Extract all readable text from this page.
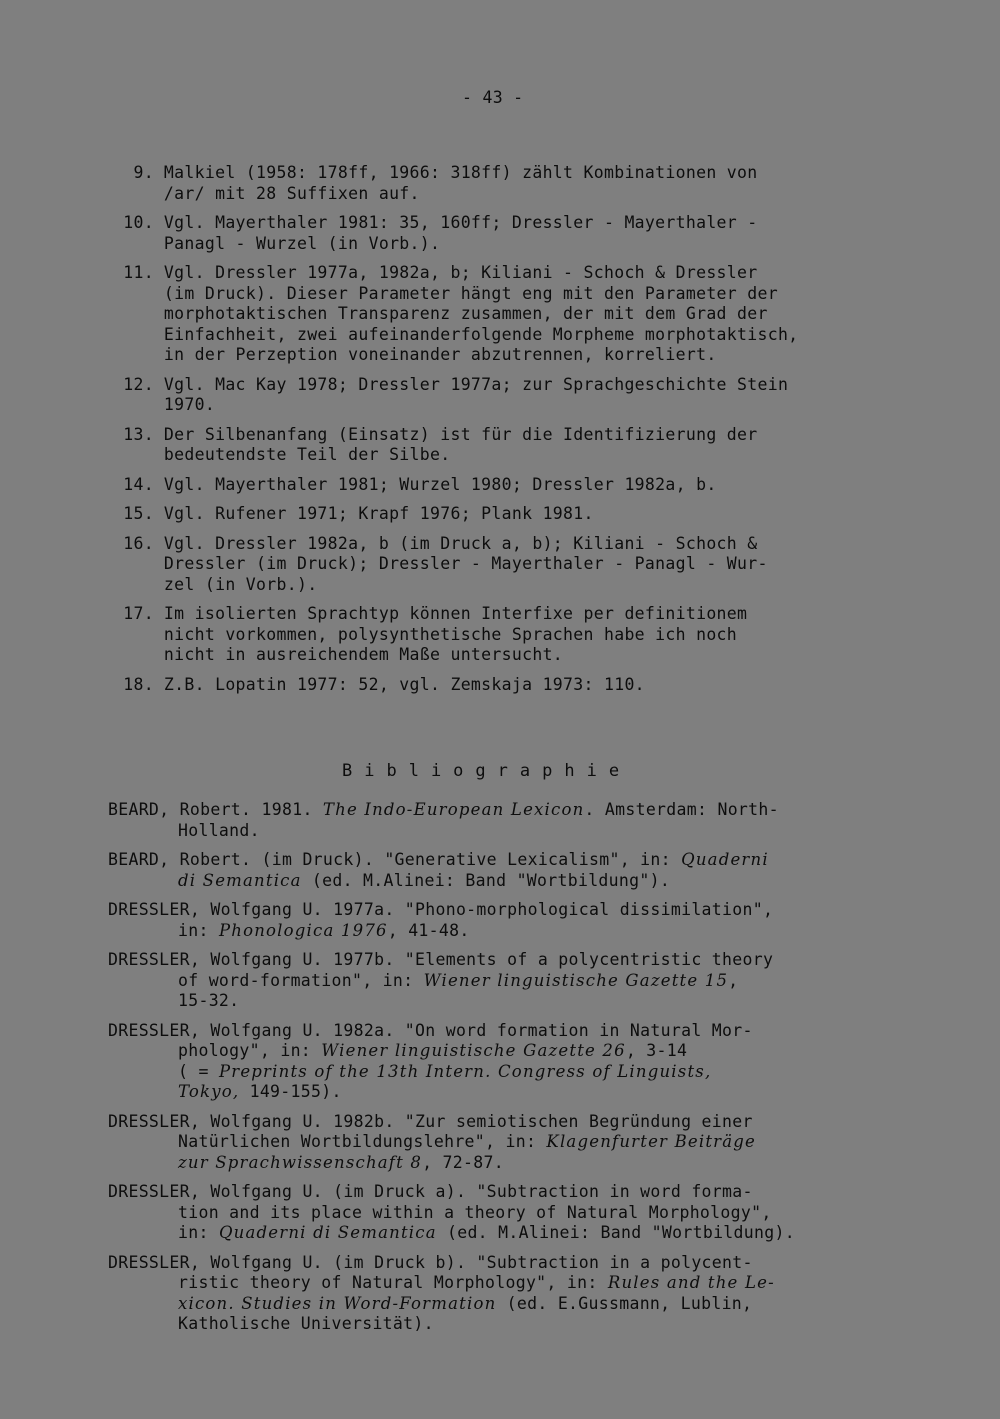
- 43 -
9. Malkiel (1958: 178ff, 1966: 318ff) zählt Kombinationen von
/ar/ mit 28 Suffixen auf.
10. Vgl. Mayerthaler 1981: 35, 160ff; Dressler - Mayerthaler -
Panagl - Wurzel (in Vorb.).
11. Vgl. Dressler 1977a, 1982a, b; Kiliani - Schoch & Dressler
(im Druck). Dieser Parameter hängt eng mit den Parameter der
morphotaktischen Transparenz zusammen, der mit dem Grad der
Einfachheit, zwei aufeinanderfolgende Morpheme morphotaktisch,
in der Perzeption voneinander abzutrennen, korreliert.
12. Vgl. Mac Kay 1978; Dressler 1977a; zur Sprachgeschichte Stein
1970.
13. Der Silbenanfang (Einsatz) ist für die Identifizierung der
bedeutendste Teil der Silbe.
14. Vgl. Mayerthaler 1981; Wurzel 1980; Dressler 1982a, b.
15. Vgl. Rufener 1971; Krapf 1976; Plank 1981.
16. Vgl. Dressler 1982a, b (im Druck a, b); Kiliani - Schoch &
Dressler (im Druck); Dressler - Mayerthaler - Panagl - Wur-
zel (in Vorb.).
17. Im isolierten Sprachtyp können Interfixe per definitionem
nicht vorkommen, polysynthetische Sprachen habe ich noch
nicht in ausreichendem Maße untersucht.
18. Z.B. Lopatin 1977: 52, vgl. Zemskaja 1973: 110.
Bibliographie
BEARD, Robert. 1981. The Indo-European Lexicon. Amsterdam: North-
Holland.
BEARD, Robert. (im Druck). "Generative Lexicalism", in: Quaderni
di Semantica (ed. M.Alinei: Band "Wortbildung").
DRESSLER, Wolfgang U. 1977a. "Phono-morphological dissimilation",
in: Phonologica 1976, 41-48.
DRESSLER, Wolfgang U. 1977b. "Elements of a polycentristic theory
of word-formation", in: Wiener linguistische Gazette 15,
15-32.
DRESSLER, Wolfgang U. 1982a. "On word formation in Natural Mor-
phology", in: Wiener linguistische Gazette 26, 3-14
( = Preprints of the 13th Intern. Congress of Linguists,
Tokyo, 149-155).
DRESSLER, Wolfgang U. 1982b. "Zur semiotischen Begründung einer
Natürlichen Wortbildungslehre", in: Klagenfurter Beiträge
zur Sprachwissenschaft 8, 72-87.
DRESSLER, Wolfgang U. (im Druck a). "Subtraction in word forma-
tion and its place within a theory of Natural Morphology",
in: Quaderni di Semantica (ed. M.Alinei: Band "Wortbildung).
DRESSLER, Wolfgang U. (im Druck b). "Subtraction in a polycent-
ristic theory of Natural Morphology", in: Rules and the Le-
xicon. Studies in Word-Formation (ed. E.Gussmann, Lublin,
Katholische Universität).
